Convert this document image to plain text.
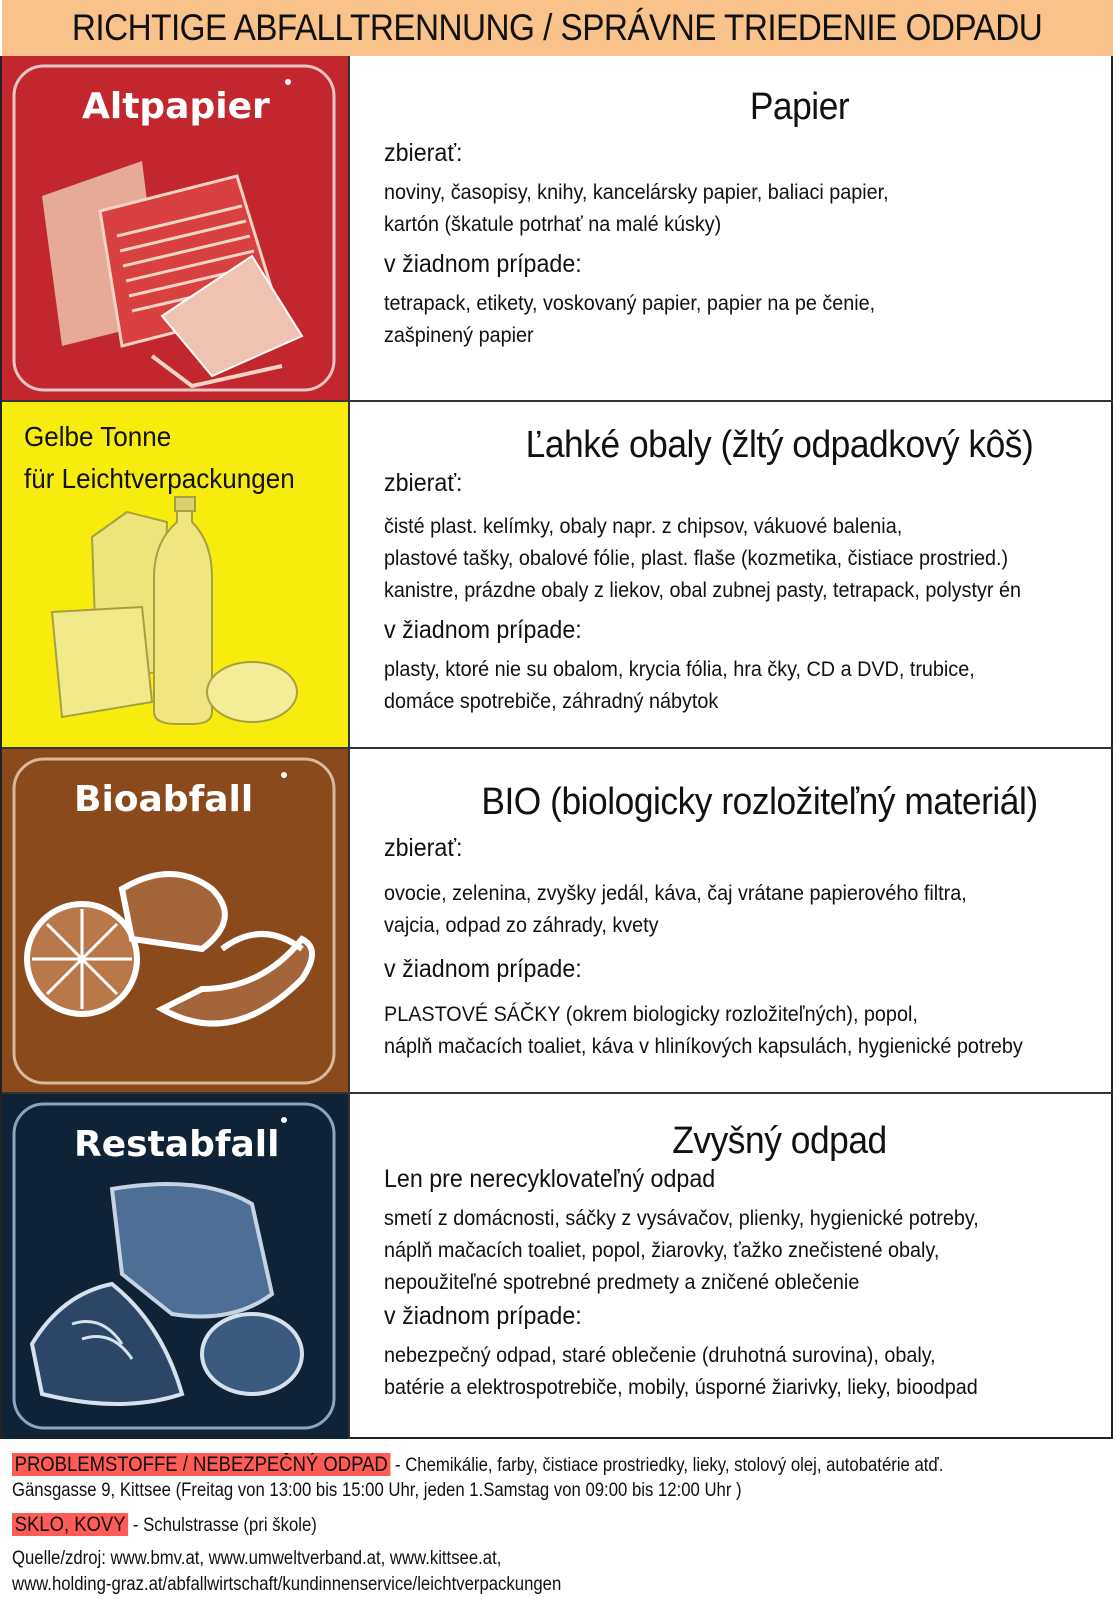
RICHTIGE ABFALLTRENNUNG / SPRÁVNE TRIEDENIE ODPADU
Altpapier	Papier
zbierať:
noviny, časopisy, knihy, kancelársky papier, baliaci papier,
kartón (škatule potrhať na malé kúsky)
v žiadnom prípade:
tetrapack, etikety, voskovaný papier, papier na pe čenie,
zašpinený papier
Gelbe Tonne
für Leichtverpackungen
Ľahké obaly (žltý odpadkový kôš)
zbierať:
čisté plast. kelímky, obaly napr. z chipsov, vákuové balenia,
plastové tašky, obalové fólie, plast. flaše (kozmetika, čistiace prostried.)
kanistre, prázdne obaly z liekov, obal zubnej pasty, tetrapack, polystyr én
v žiadnom prípade:
plasty, ktoré nie su obalom, krycia fólia, hra čky, CD a DVD, trubice,
domáce spotrebiče, záhradný nábytok
Bioabfall	BIO (biologicky rozložiteľný materiál)
zbierať:
ovocie, zelenina, zvyšky jedál, káva, čaj vrátane papierového filtra,
vajcia, odpad zo záhrady, kvety
v žiadnom prípade:
PLASTOVÉ SÁČKY (okrem biologicky rozložiteľných), popol,
náplň mačacích toaliet, káva v hliníkových kapsulách, hygienické potreby
Restabfall	Zvyšný odpad
Len pre nerecyklovateľný odpad
smetí z domácnosti, sáčky z vysávačov, plienky, hygienické potreby,
náplň mačacích toaliet, popol, žiarovky, ťažko znečistené obaly,
nepoužiteľné spotrebné predmety a zničené oblečenie
v žiadnom prípade:
nebezpečný odpad, staré oblečenie (druhotná surovina), obaly,
batérie a elektrospotrebiče, mobily, úsporné žiarivky, lieky, bioodpad
PROBLEMSTOFFE / NEBEZPEČNÝ ODPAD - Chemikálie, farby, čistiace prostriedky, lieky, stolový olej, autobatérie atď.
Gänsgasse 9, Kittsee (Freitag von 13:00 bis 15:00 Uhr, jeden 1.Samstag von 09:00 bis 12:00 Uhr )
SKLO, KOVY - Schulstrasse (pri škole)
Quelle/zdroj: www.bmv.at, www.umweltverband.at, www.kittsee.at,
www.holding-graz.at/abfallwirtschaft/kundinnenservice/leichtverpackungen
